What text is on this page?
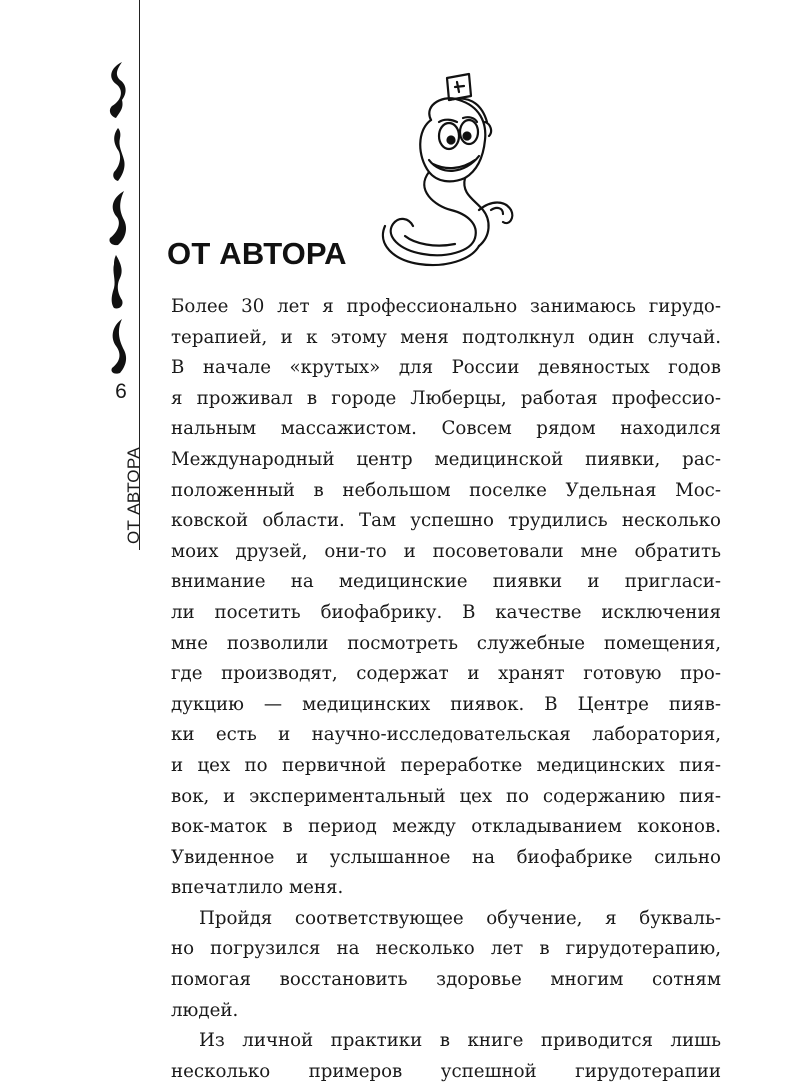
6
ОТ АВТОРА
ОТ АВТОРА
Более 30 лет я профессионально занимаюсь гирудо-
терапией, и к этому меня подтолкнул один случай.
В начале «крутых» для России девяностых годов
я проживал в городе Люберцы, работая профессио-
нальным массажистом. Совсем рядом находился
Международный центр медицинской пиявки, рас-
положенный в небольшом поселке Удельная Мос-
ковской области. Там успешно трудились несколько
моих друзей, они-то и посоветовали мне обратить
внимание на медицинские пиявки и пригласи-
ли посетить биофабрику. В качестве исключения
мне позволили посмотреть служебные помещения,
где производят, содержат и хранят готовую про-
дукцию — медицинских пиявок. В Центре пияв-
ки есть и научно-исследовательская лаборатория,
и цех по первичной переработке медицинских пия-
вок, и экспериментальный цех по содержанию пия-
вок-маток в период между откладыванием коконов.
Увиденное и услышанное на биофабрике сильно
впечатлило меня.
Пройдя соответствующее обучение, я букваль-
но погрузился на несколько лет в гирудотерапию,
помогая восстановить здоровье многим сотням
людей.
Из личной практики в книге приводится лишь
несколько примеров успешной гирудотерапии
